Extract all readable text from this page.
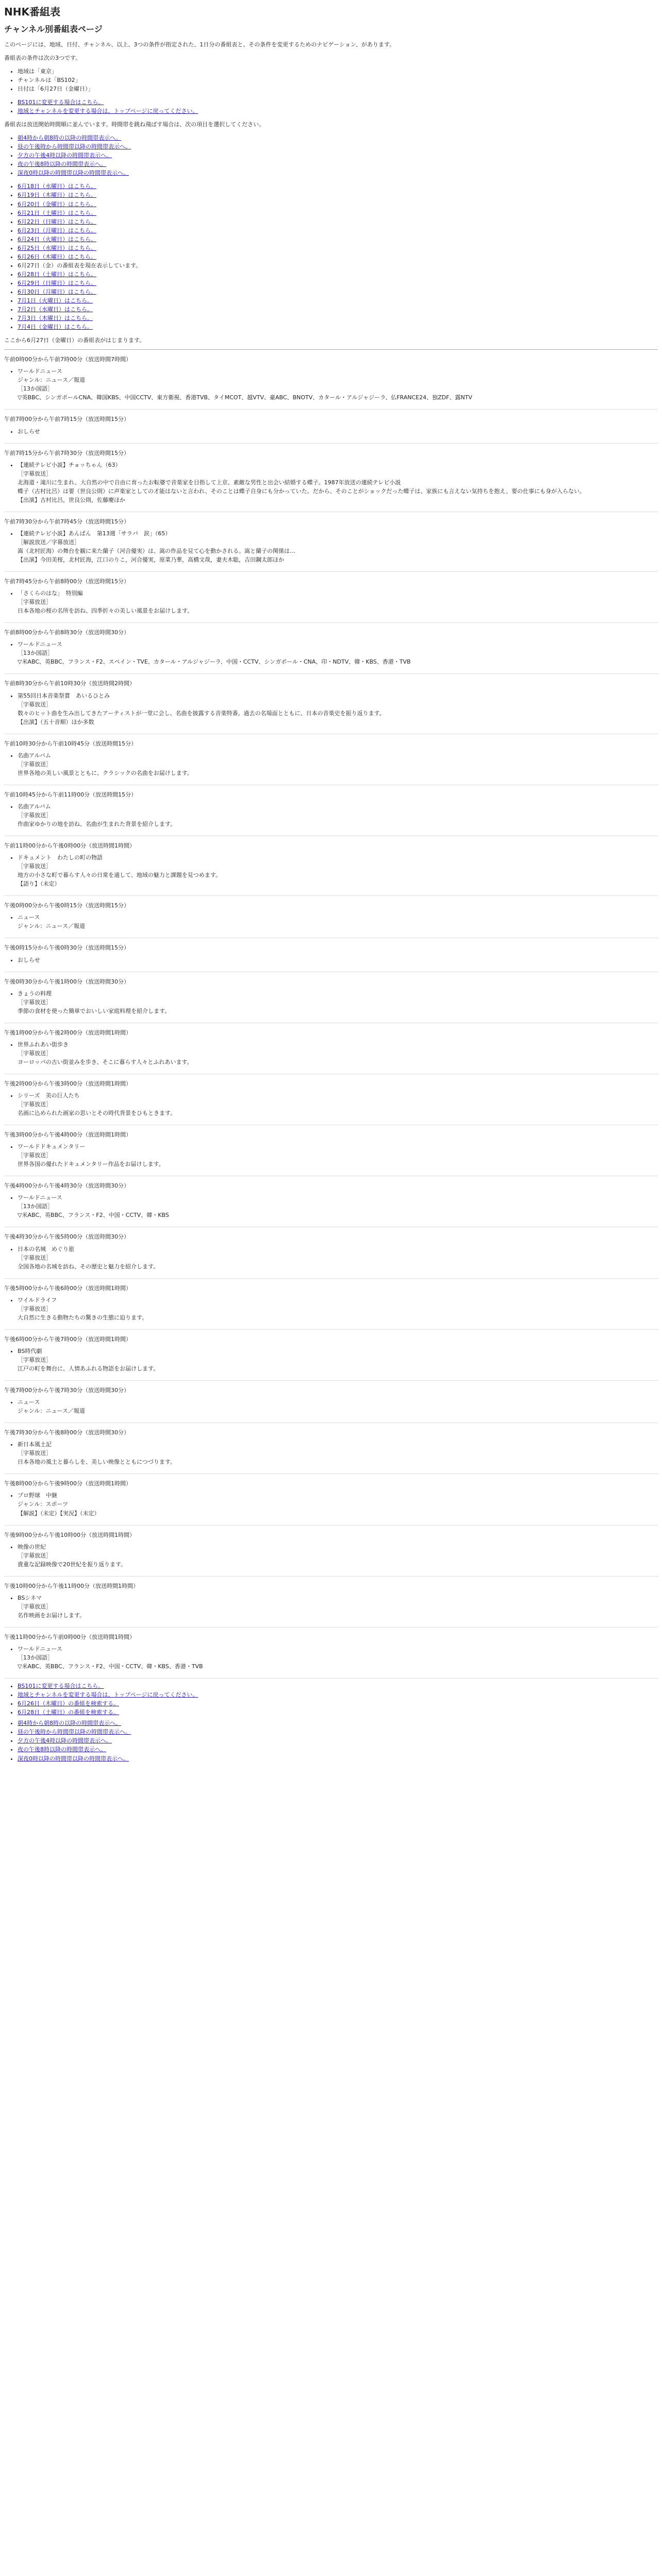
NHK番組表
チャンネル別番組表ページ

このページには、地域、日付、チャンネル、以上、3つの条件が指定された、1日分の番組表と、その条件を変更するためのナビゲーション、があります。

番組表の条件は次の3つです。

• 地域は「東京」
• チャンネルは「BS102」
• 日付は「6月27日（金曜日）」
• BS101に変更する場合はこちら。
• 地域とチャンネルを変更する場合は、トップページに戻ってください。

番組表は放送開始時間順に並んでいます。時間帯を跳ね飛ばす場合は、次の項目を選択してください。

• 朝4時から朝8時の以降の時間帯表示へ。
• 昼の午後時から時間帯以降の時間帯表示へ。
• 夕方の午後4時以降の時間帯表示へ。
• 夜の午後8時以降の時間帯表示へ。
• 深夜0時以降の時間帯以降の時間帯表示へ。
• 6月18日（水曜日）はこちら。
• 6月19日（木曜日）はこちら。
• 6月20日（金曜日）はこちら。
• 6月21日（土曜日）はこちら。
• 6月22日（日曜日）はこちら。
• 6月23日（月曜日）はこちら。
• 6月24日（火曜日）はこちら。
• 6月25日（水曜日）はこちら。
• 6月26日（木曜日）はこちら。
• 6月27日（金）の番組表を現在表示しています。
• 6月28日（土曜日）はこちら。
• 6月29日（日曜日）はこちら。
• 6月30日（月曜日）はこちら。
• 7月1日（火曜日）はこちら。
• 7月2日（水曜日）はこちら。
• 7月3日（木曜日）はこちら。
• 7月4日（金曜日）はこちら。

ここから6月27日（金曜日）の番組表がはじまります。

午前0時00分から午前7時00分（放送時間7時間）
• ワールドニュース
ジャンル：ニュース／報道
［13か国語］
▽英BBC、シンガポールCNA、韓国KBS、中国CCTV、東方衛視、香港TVB、タイMCOT、越VTV、豪ABC、BNOTV、カタール・アルジャジーラ、仏FRANCE24、独ZDF、露NTV
午前7時00分から午前7時15分（放送時間15分）
• おしらせ
午前7時15分から午前7時30分（放送時間15分）
• 【連続テレビ小説】チョッちゃん（63）
［字幕放送］
北海道・滝川に生まれ、大自然の中で自由に育ったお転婆で音楽家を目指して上京、素敵な男性と出会い結婚する蝶子。1987年放送の連続テレビ小説
蝶子（古村比呂）は要（世良公則）に声楽家としての才能はないと言われ、そのことは蝶子自身にも分かっていた。だから、そのことがショックだった蝶子は、家族にも言えない気持ちを抱え、要の仕事にも身が入らない。
【出演】古村比呂，世良公則，佐藤慶ほか
午前7時30分から午前7時45分（放送時間15分）
• 【連続テレビ小説】あんぱん　第13週「サラバ　涙」（65）
［解説放送／字幕放送］
嵩（北村匠海）の舞台を観に来た蘭子（河合優実）は、嵩の作品を見て心を動かされる。嵩と蘭子の関係は…
【出演】今田美桜，北村匠海，江口のりこ，河合優実，原菜乃華，高橋文哉，妻夫木聡，吉田鋼太郎ほか
午前7時45分から午前8時00分（放送時間15分）
• 「さくらのはな」　特別編
［字幕放送］
日本各地の桜の名所を訪ね、四季折々の美しい風景をお届けします。
午前8時00分から午前8時30分（放送時間30分）
• ワールドニュース
［13か国語］
▽米ABC、英BBC、フランス・F2、スペイン・TVE、カタール・アルジャジーラ、中国・CCTV、シンガポール・CNA、印・NDTV、韓・KBS、香港・TVB
午前8時30分から午前10時30分（放送時間2時間）
• 第55回日本音楽祭賞　あいるひとみ
［字幕放送］
数々のヒット曲を生み出してきたアーティストが一堂に会し、名曲を披露する音楽特番。過去の名場面とともに、日本の音楽史を振り返ります。
【出演】（五十音順）ほか多数
午前10時30分から午前10時45分（放送時間15分）
• 名曲アルバム
［字幕放送］
世界各地の美しい風景とともに、クラシックの名曲をお届けします。
午前10時45分から午前11時00分（放送時間15分）
• 名曲アルバム
［字幕放送］
作曲家ゆかりの地を訪ね、名曲が生まれた背景を紹介します。
午前11時00分から午後0時00分（放送時間1時間）
• ドキュメント　わたしの町の物語
［字幕放送］
地方の小さな町で暮らす人々の日常を通して、地域の魅力と課題を見つめます。
【語り】（未定）
午後0時00分から午後0時15分（放送時間15分）
• ニュース
ジャンル：ニュース／報道
午後0時15分から午後0時30分（放送時間15分）
• おしらせ
午後0時30分から午後1時00分（放送時間30分）
• きょうの料理
［字幕放送］
季節の食材を使った簡単でおいしい家庭料理を紹介します。
午後1時00分から午後2時00分（放送時間1時間）
• 世界ふれあい街歩き
［字幕放送］
ヨーロッパの古い街並みを歩き、そこに暮らす人々とふれあいます。
午後2時00分から午後3時00分（放送時間1時間）
• シリーズ　美の巨人たち
［字幕放送］
名画に込められた画家の思いとその時代背景をひもときます。
午後3時00分から午後4時00分（放送時間1時間）
• ワールドドキュメンタリー
［字幕放送］
世界各国の優れたドキュメンタリー作品をお届けします。
午後4時00分から午後4時30分（放送時間30分）
• ワールドニュース
［13か国語］
▽米ABC、英BBC、フランス・F2、中国・CCTV、韓・KBS
午後4時30分から午後5時00分（放送時間30分）
• 日本の名城　めぐり旅
［字幕放送］
全国各地の名城を訪ね、その歴史と魅力を紹介します。
午後5時00分から午後6時00分（放送時間1時間）
• ワイルドライフ
［字幕放送］
大自然に生きる動物たちの驚きの生態に迫ります。
午後6時00分から午後7時00分（放送時間1時間）
• BS時代劇
［字幕放送］
江戸の町を舞台に、人情あふれる物語をお届けします。
午後7時00分から午後7時30分（放送時間30分）
• ニュース
ジャンル：ニュース／報道
午後7時30分から午後8時00分（放送時間30分）
• 新日本風土記
［字幕放送］
日本各地の風土と暮らしを、美しい映像とともにつづります。
午後8時00分から午後9時00分（放送時間1時間）
• プロ野球　中継
ジャンル：スポーツ
【解説】（未定）【実況】（未定）
午後9時00分から午後10時00分（放送時間1時間）
• 映像の世紀
［字幕放送］
貴重な記録映像で20世紀を振り返ります。
午後10時00分から午後11時00分（放送時間1時間）
• BSシネマ
［字幕放送］
名作映画をお届けします。
午後11時00分から午前0時00分（放送時間1時間）
• ワールドニュース
［13か国語］
▽米ABC、英BBC、フランス・F2、中国・CCTV、韓・KBS、香港・TVB
• BS101に変更する場合はこちら。
• 地域とチャンネルを変更する場合は、トップページに戻ってください。
• 6月26日（木曜日）の番組を検索する。
• 6月28日（土曜日）の番組を検索する。
• 朝4時から朝8時の以降の時間帯表示へ。
• 昼の午後時から時間帯以降の時間帯表示へ。
• 夕方の午後4時以降の時間帯表示へ。
• 夜の午後8時以降の時間帯表示へ。
• 深夜0時以降の時間帯以降の時間帯表示へ。
